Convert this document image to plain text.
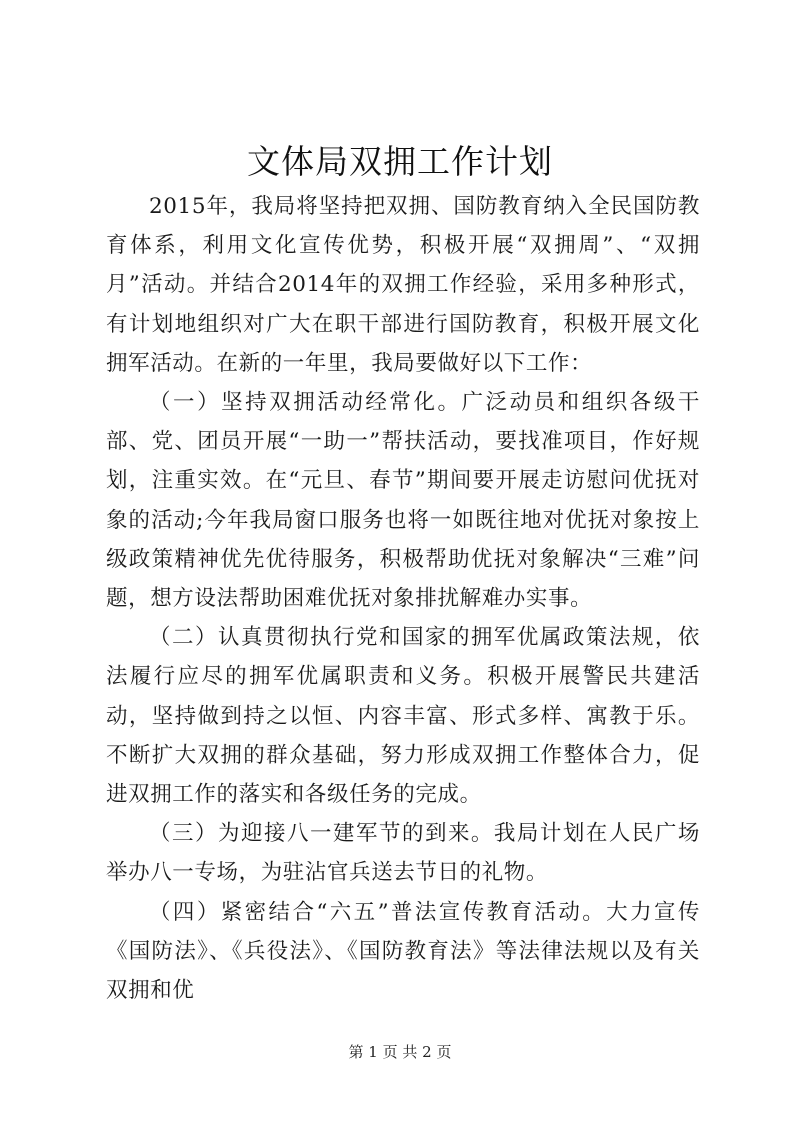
文体局双拥工作计划

2015年，我局将坚持把双拥、国防教育纳入全民国防教育体系，利用文化宣传优势，积极开展“双拥周”、“双拥月”活动。并结合2014年的双拥工作经验，采用多种形式，有计划地组织对广大在职干部进行国防教育，积极开展文化拥军活动。在新的一年里，我局要做好以下工作：

（一）坚持双拥活动经常化。广泛动员和组织各级干部、党、团员开展“一助一”帮扶活动，要找准项目，作好规划，注重实效。在“元旦、春节”期间要开展走访慰问优抚对象的活动;今年我局窗口服务也将一如既往地对优抚对象按上级政策精神优先优待服务，积极帮助优抚对象解决“三难”问题，想方设法帮助困难优抚对象排扰解难办实事。

（二）认真贯彻执行党和国家的拥军优属政策法规，依法履行应尽的拥军优属职责和义务。积极开展警民共建活动，坚持做到持之以恒、内容丰富、形式多样、寓教于乐。不断扩大双拥的群众基础，努力形成双拥工作整体合力，促进双拥工作的落实和各级任务的完成。

（三）为迎接八一建军节的到来。我局计划在人民广场举办八一专场，为驻沾官兵送去节日的礼物。

（四）紧密结合“六五”普法宣传教育活动。大力宣传《国防法》、《兵役法》、《国防教育法》等法律法规以及有关双拥和优

第 1 页 共 2 页
